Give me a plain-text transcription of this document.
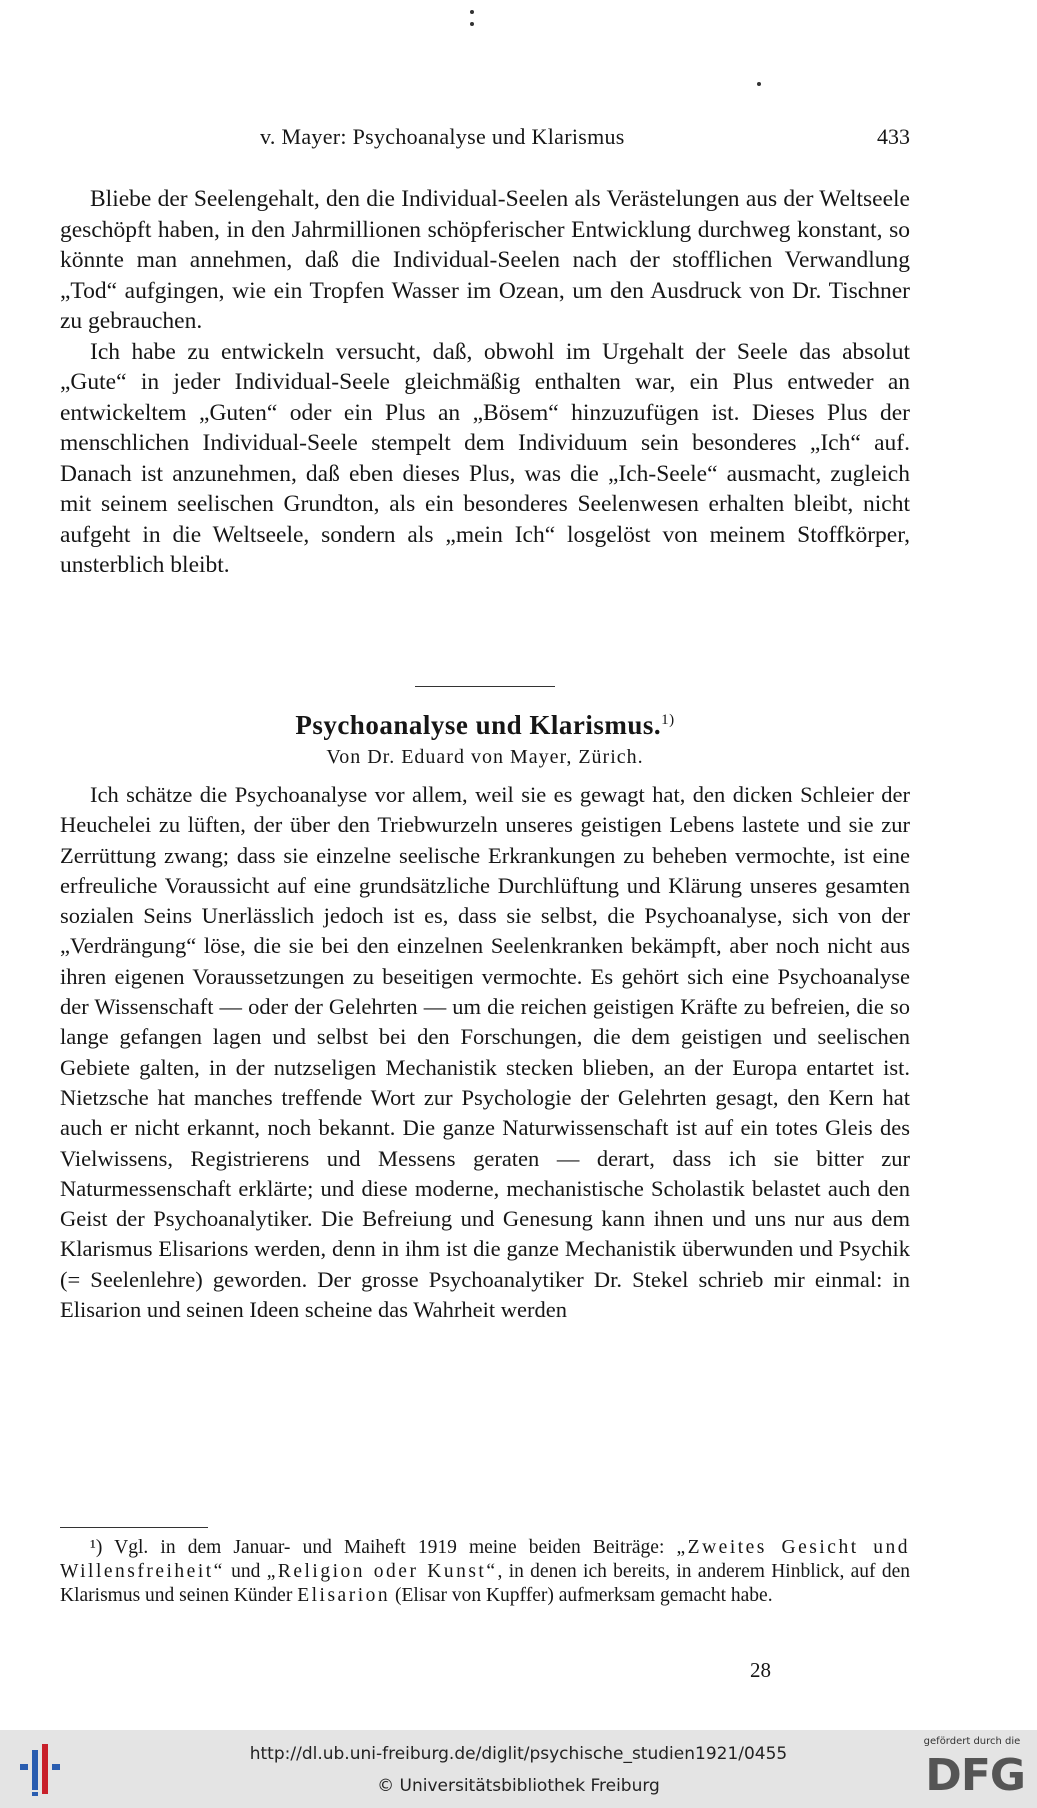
v. Mayer: Psychoanalyse und Klarismus	433

Bliebe der Seelengehalt, den die Individual-Seelen als Verästelungen aus der Weltseele geschöpft haben, in den Jahrmillionen schöpferischer Entwicklung durchweg konstant, so könnte man annehmen, daß die Individual-Seelen nach der stofflichen Verwandlung „Tod“ aufgingen, wie ein Tropfen Wasser im Ozean, um den Ausdruck von Dr. Tischner zu gebrauchen.

Ich habe zu entwickeln versucht, daß, obwohl im Urgehalt der Seele das absolut „Gute“ in jeder Individual-Seele gleichmäßig enthalten war, ein Plus entweder an entwickeltem „Guten“ oder ein Plus an „Bösem“ hinzuzufügen ist. Dieses Plus der menschlichen Individual-Seele stempelt dem Individuum sein besonderes „Ich“ auf. Danach ist anzunehmen, daß eben dieses Plus, was die „Ich-Seele“ ausmacht, zugleich mit seinem seelischen Grundton, als ein besonderes Seelenwesen erhalten bleibt, nicht aufgeht in die Weltseele, sondern als „mein Ich“ losgelöst von meinem Stoffkörper, unsterblich bleibt.

Psychoanalyse und Klarismus.$^{1)}$
Von Dr. Eduard von Mayer, Zürich.

Ich schätze die Psychoanalyse vor allem, weil sie es gewagt hat, den dicken Schleier der Heuchelei zu lüften, der über den Triebwurzeln unseres geistigen Lebens lastete und sie zur Zerrüttung zwang; dass sie einzelne seelische Erkrankungen zu beheben vermochte, ist eine erfreuliche Voraussicht auf eine grundsätzliche Durchlüftung und Klärung unseres gesamten sozialen Seins Unerlässlich jedoch ist es, dass sie selbst, die Psychoanalyse, sich von der „Verdrängung“ löse, die sie bei den einzelnen Seelenkranken bekämpft, aber noch nicht aus ihren eigenen Voraussetzungen zu beseitigen vermochte. Es gehört sich eine Psychoanalyse der Wissenschaft — oder der Gelehrten — um die reichen geistigen Kräfte zu befreien, die so lange gefangen lagen und selbst bei den Forschungen, die dem geistigen und seelischen Gebiete galten, in der nutzseligen Mechanistik stecken blieben, an der Europa entartet ist. Nietzsche hat manches treffende Wort zur Psychologie der Gelehrten gesagt, den Kern hat auch er nicht erkannt, noch bekannt. Die ganze Naturwissenschaft ist auf ein totes Gleis des Vielwissens, Registrierens und Messens geraten — derart, dass ich sie bitter zur Naturmessenschaft erklärte; und diese moderne, mechanistische Scholastik belastet auch den Geist der Psychoanalytiker. Die Befreiung und Genesung kann ihnen und uns nur aus dem Klarismus Elisarions werden, denn in ihm ist die ganze Mechanistik überwunden und Psychik (= Seelenlehre) geworden. Der grosse Psychoanalytiker Dr. Stekel schrieb mir einmal: in Elisarion und seinen Ideen scheine das Wahrheit werden

¹) Vgl. in dem Januar- und Maiheft 1919 meine beiden Beiträge: „Zweites Gesicht und Willensfreiheit“ und „Religion oder Kunst“, in denen ich bereits, in anderem Hinblick, auf den Klarismus und seinen Künder Elisarion (Elisar von Kupffer) aufmerksam gemacht habe.

28
http://dl.ub.uni-freiburg.de/diglit/psychische_studien1921/0455
© Universitätsbibliothek Freiburg
gefördert durch die
DFG
